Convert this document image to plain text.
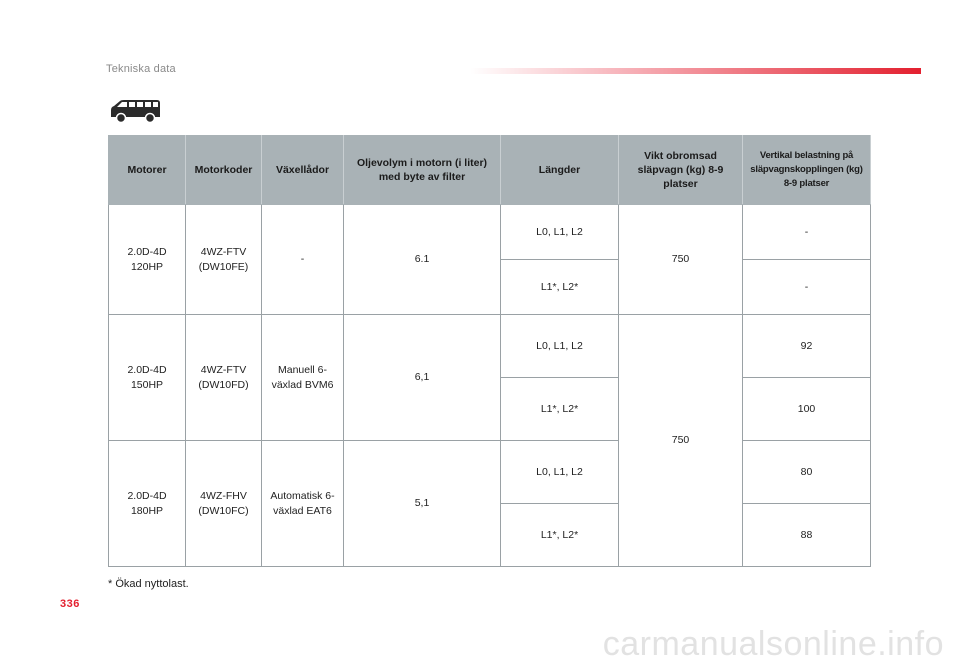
Tekniska data
Motorer	Motorkoder	Växellådor	Oljevolym i motorn (i liter) med byte av filter	Längder	Vikt obromsad släpvagn (kg) 8-9 platser	Vertikal belastning på släpvagnskopplingen (kg) 8-9 platser
2.0D-4D 120HP	4WZ-FTV (DW10FE)	-	6.1	L0, L1, L2	750	-
				L1*, L2*		-
2.0D-4D 150HP	4WZ-FTV (DW10FD)	Manuell 6-växlad BVM6	6,1	L0, L1, L2	750	92
				L1*, L2*		100
2.0D-4D 180HP	4WZ-FHV (DW10FC)	Automatisk 6-växlad EAT6	5,1	L0, L1, L2		80
				L1*, L2*		88
* Ökad nyttolast.
336
carmanualsonline.info
